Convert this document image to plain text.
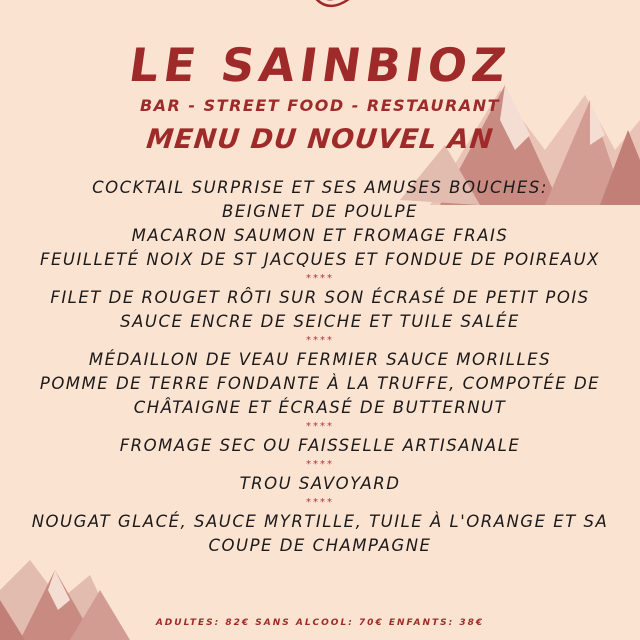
LE SAINBIOZ
BAR - STREET FOOD - RESTAURANT
MENU DU NOUVEL AN
COCKTAIL SURPRISE ET SES AMUSES BOUCHES:
BEIGNET DE POULPE
MACARON SAUMON ET FROMAGE FRAIS
FEUILLETÉ NOIX DE ST JACQUES ET FONDUE DE POIREAUX
****
FILET DE ROUGET RÔTI SUR SON ÉCRASÉ DE PETIT POIS
SAUCE ENCRE DE SEICHE ET TUILE SALÉE
****
MÉDAILLON DE VEAU FERMIER SAUCE MORILLES
POMME DE TERRE FONDANTE À LA TRUFFE, COMPOTÉE DE
CHÂTAIGNE ET ÉCRASÉ DE BUTTERNUT
****
FROMAGE SEC OU FAISSELLE ARTISANALE
****
TROU SAVOYARD
****
NOUGAT GLACÉ, SAUCE MYRTILLE, TUILE À L'ORANGE ET SA
COUPE DE CHAMPAGNE
ADULTES: 82€ SANS ALCOOL: 70€ ENFANTS: 38€
